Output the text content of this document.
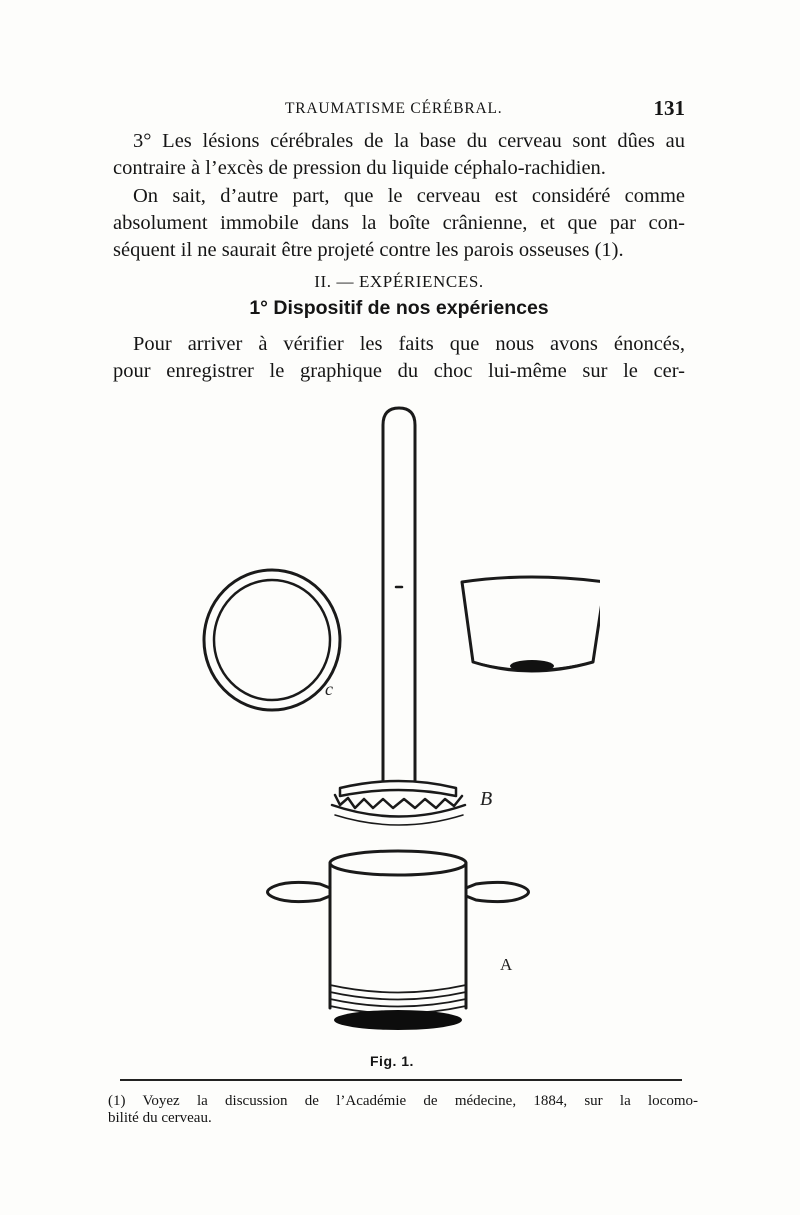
TRAUMATISME CÉRÉBRAL.	131

3° Les lésions cérébrales de la base du cerveau sont dûes au

contraire à l’excès de pression du liquide céphalo-rachidien.

On sait, d’autre part, que le cerveau est considéré comme

absolument immobile dans la boîte crânienne, et que par con-

séquent il ne saurait être projeté contre les parois osseuses (1).

II. — EXPÉRIENCES.
1° Dispositif de nos expériences

Pour arriver à vérifier les faits que nous avons énoncés,

pour enregistrer le graphique du choc lui-même sur le cer-

c
B
A
Fig. 1.
(1) Voyez la discussion de l’Académie de médecine, 1884, sur la locomo-
bilité du cerveau.
